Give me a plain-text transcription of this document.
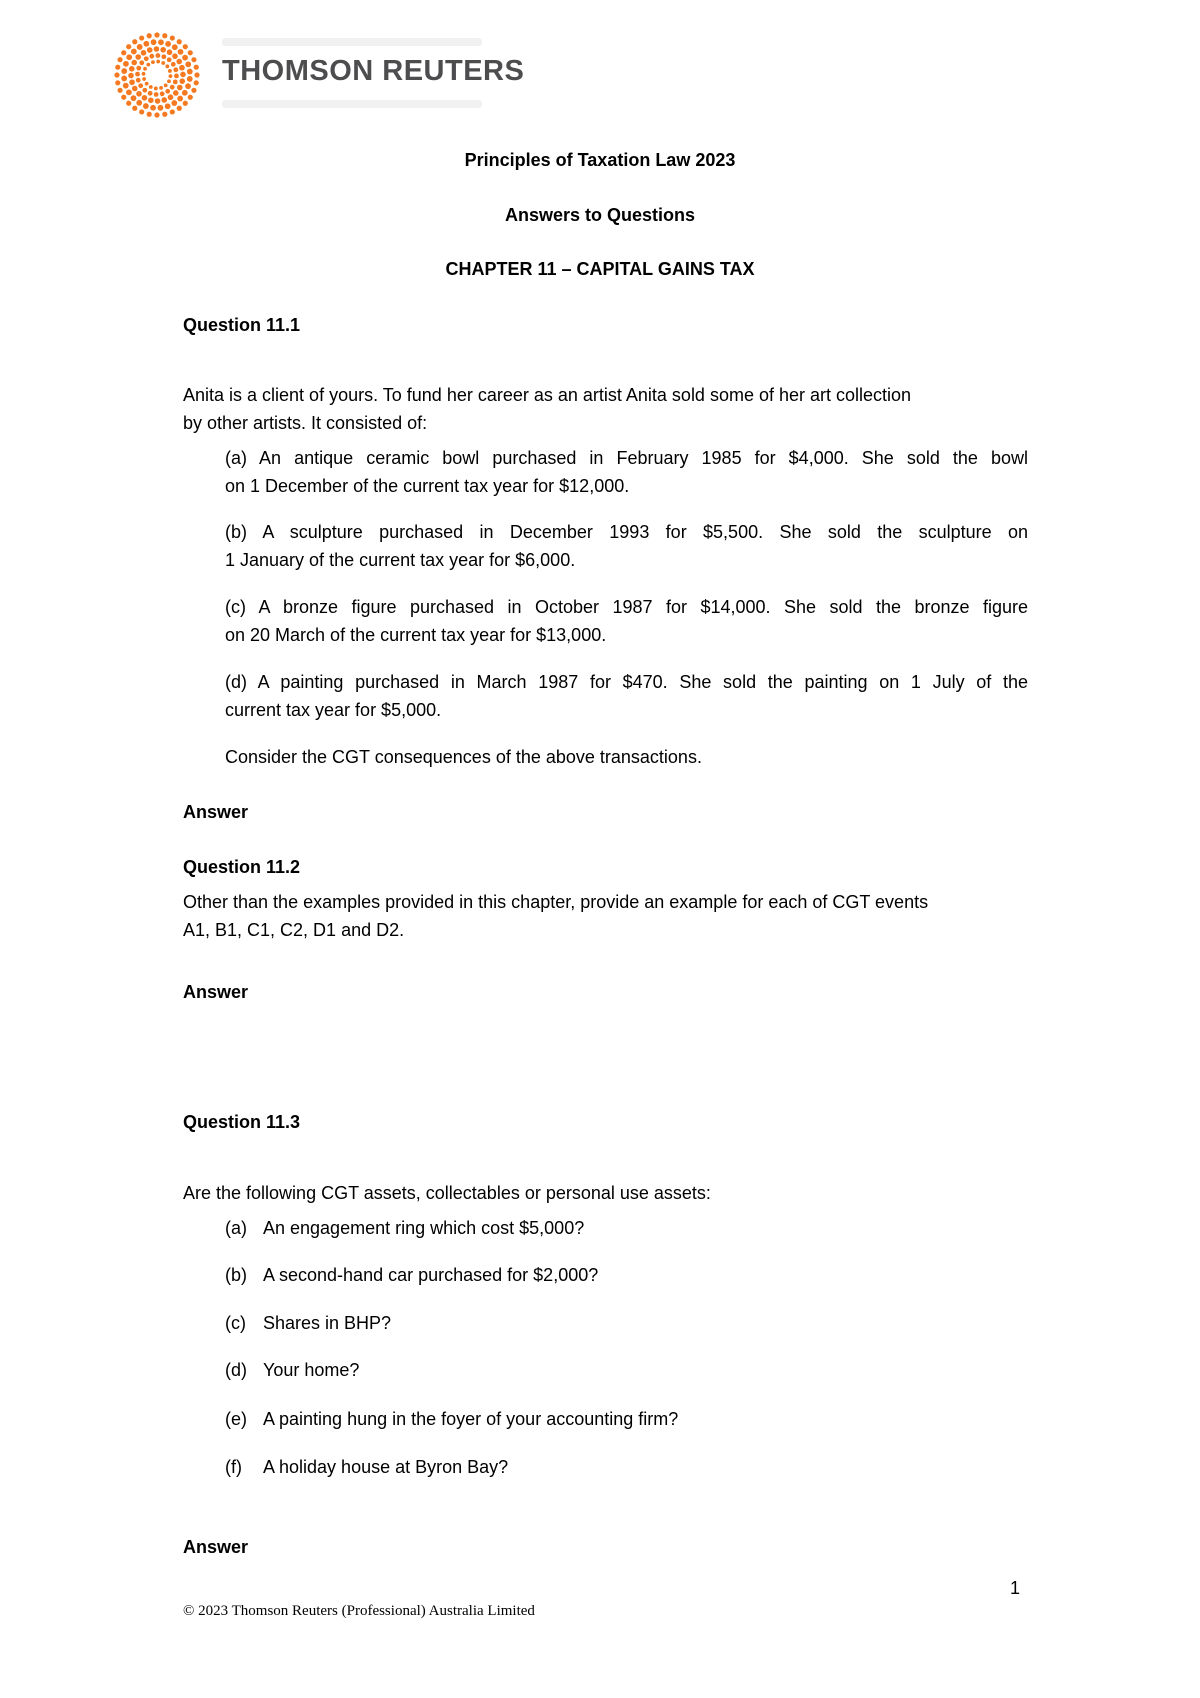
THOMSON REUTERS
Principles of Taxation Law 2023
Answers to Questions
CHAPTER 11 – CAPITAL GAINS TAX
Question 11.1
Anita is a client of yours. To fund her career as an artist Anita sold some of her art collection
by other artists. It consisted of:
(a) An antique ceramic bowl purchased in February 1985 for $4,000. She sold the bowl
on 1 December of the current tax year for $12,000.
(b) A sculpture purchased in December 1993 for $5,500. She sold the sculpture on
1 January of the current tax year for $6,000.
(c) A bronze figure purchased in October 1987 for $14,000. She sold the bronze figure
on 20 March of the current tax year for $13,000.
(d) A painting purchased in March 1987 for $470. She sold the painting on 1 July of the
current tax year for $5,000.
Consider the CGT consequences of the above transactions.
Answer
Question 11.2
Other than the examples provided in this chapter, provide an example for each of CGT events
A1, B1, C1, C2, D1 and D2.
Answer
Question 11.3
Are the following CGT assets, collectables or personal use assets:
(a) An engagement ring which cost $5,000?
(b) A second-hand car purchased for $2,000?
(c) Shares in BHP?
(d) Your home?
(e) A painting hung in the foyer of your accounting firm?
(f) A holiday house at Byron Bay?
Answer
1
© 2023 Thomson Reuters (Professional) Australia Limited
